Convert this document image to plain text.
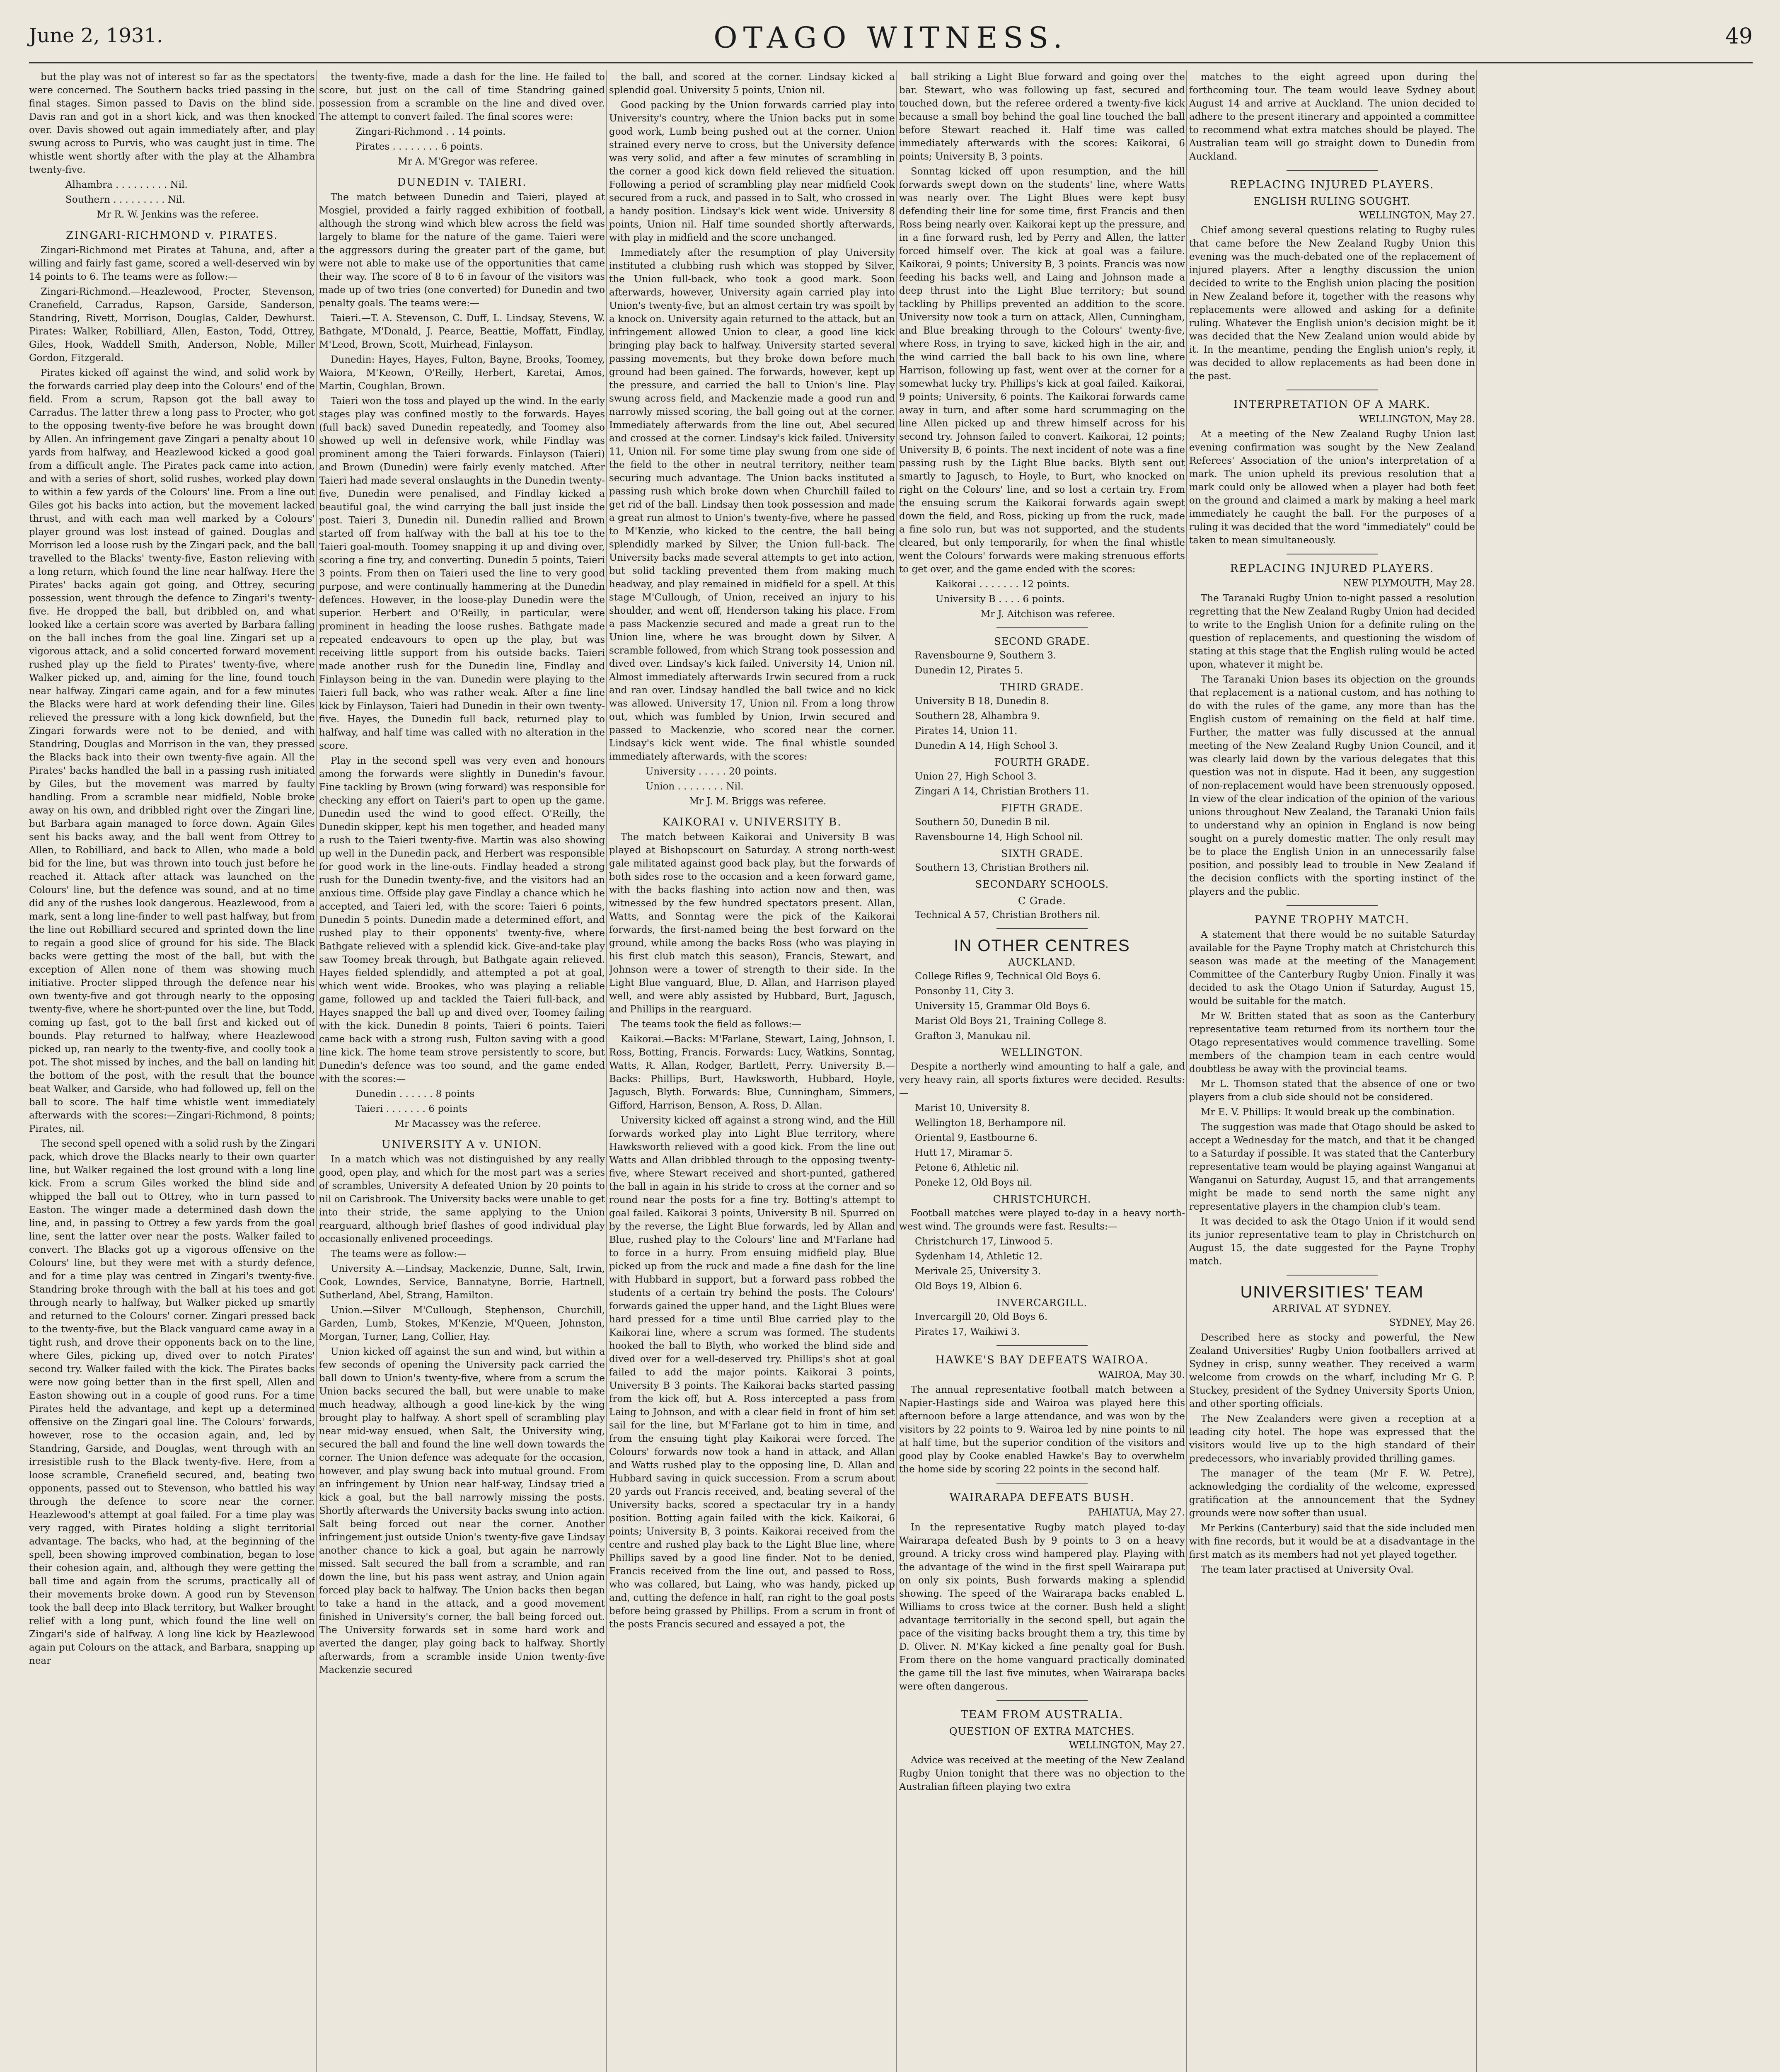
June 2, 1931.	OTAGO WITNESS.	49

but the play was not of interest so far as the spectators were concerned. The Southern backs tried passing in the final stages. Simon passed to Davis on the blind side. Davis ran and got in a short kick, and was then knocked over. Davis showed out again immediately after, and play swung across to Purvis, who was caught just in time. The whistle went shortly after with the play at the Alhambra twenty-five.

Alhambra . . . . . . . . . Nil.

Southern . . . . . . . . . Nil.

Mr R. W. Jenkins was the referee.

ZINGARI-RICHMOND v. PIRATES.

Zingari-Richmond met Pirates at Tahuna, and, after a willing and fairly fast game, scored a well-deserved win by 14 points to 6. The teams were as follow:—

Zingari-Richmond.—Heazlewood, Procter, Stevenson, Cranefield, Carradus, Rapson, Garside, Sanderson, Standring, Rivett, Morrison, Douglas, Calder, Dewhurst. Pirates: Walker, Robilliard, Allen, Easton, Todd, Ottrey, Giles, Hook, Waddell Smith, Anderson, Noble, Miller Gordon, Fitzgerald.

Pirates kicked off against the wind, and solid work by the forwards carried play deep into the Colours' end of the field. From a scrum, Rapson got the ball away to Carradus. The latter threw a long pass to Procter, who got to the opposing twenty-five before he was brought down by Allen. An infringement gave Zingari a penalty about 10 yards from halfway, and Heazlewood kicked a good goal from a difficult angle. The Pirates pack came into action, and with a series of short, solid rushes, worked play down to within a few yards of the Colours' line. From a line out Giles got his backs into action, but the movement lacked thrust, and with each man well marked by a Colours' player ground was lost instead of gained. Douglas and Morrison led a loose rush by the Zingari pack, and the ball travelled to the Blacks' twenty-five, Easton relieving with a long return, which found the line near halfway. Here the Pirates' backs again got going, and Ottrey, securing possession, went through the defence to Zingari's twenty-five. He dropped the ball, but dribbled on, and what looked like a certain score was averted by Barbara falling on the ball inches from the goal line. Zingari set up a vigorous attack, and a solid concerted forward movement rushed play up the field to Pirates' twenty-five, where Walker picked up, and, aiming for the line, found touch near halfway. Zingari came again, and for a few minutes the Blacks were hard at work defending their line. Giles relieved the pressure with a long kick downfield, but the Zingari forwards were not to be denied, and with Standring, Douglas and Morrison in the van, they pressed the Blacks back into their own twenty-five again. All the Pirates' backs handled the ball in a passing rush initiated by Giles, but the movement was marred by faulty handling. From a scramble near midfield, Noble broke away on his own, and dribbled right over the Zingari line, but Barbara again managed to force down. Again Giles sent his backs away, and the ball went from Ottrey to Allen, to Robilliard, and back to Allen, who made a bold bid for the line, but was thrown into touch just before he reached it. Attack after attack was launched on the Colours' line, but the defence was sound, and at no time did any of the rushes look dangerous. Heazlewood, from a mark, sent a long line-finder to well past halfway, but from the line out Robilliard secured and sprinted down the line to regain a good slice of ground for his side. The Black backs were getting the most of the ball, but with the exception of Allen none of them was showing much initiative. Procter slipped through the defence near his own twenty-five and got through nearly to the opposing twenty-five, where he short-punted over the line, but Todd, coming up fast, got to the ball first and kicked out of bounds. Play returned to halfway, where Heazlewood picked up, ran nearly to the twenty-five, and coolly took a pot. The shot missed by inches, and the ball on landing hit the bottom of the post, with the result that the bounce beat Walker, and Garside, who had followed up, fell on the ball to score. The half time whistle went immediately afterwards with the scores:—Zingari-Richmond, 8 points; Pirates, nil.

The second spell opened with a solid rush by the Zingari pack, which drove the Blacks nearly to their own quarter line, but Walker regained the lost ground with a long line kick. From a scrum Giles worked the blind side and whipped the ball out to Ottrey, who in turn passed to Easton. The winger made a determined dash down the line, and, in passing to Ottrey a few yards from the goal line, sent the latter over near the posts. Walker failed to convert. The Blacks got up a vigorous offensive on the Colours' line, but they were met with a sturdy defence, and for a time play was centred in Zingari's twenty-five. Standring broke through with the ball at his toes and got through nearly to halfway, but Walker picked up smartly and returned to the Colours' corner. Zingari pressed back to the twenty-five, but the Black vanguard came away in a tight rush, and drove their opponents back on to the line, where Giles, picking up, dived over to notch Pirates' second try. Walker failed with the kick. The Pirates backs were now going better than in the first spell, Allen and Easton showing out in a couple of good runs. For a time Pirates held the advantage, and kept up a determined offensive on the Zingari goal line. The Colours' forwards, however, rose to the occasion again, and, led by Standring, Garside, and Douglas, went through with an irresistible rush to the Black twenty-five. Here, from a loose scramble, Cranefield secured, and, beating two opponents, passed out to Stevenson, who battled his way through the defence to score near the corner. Heazlewood's attempt at goal failed. For a time play was very ragged, with Pirates holding a slight territorial advantage. The backs, who had, at the beginning of the spell, been showing improved combination, began to lose their cohesion again, and, although they were getting the ball time and again from the scrums, practically all of their movements broke down. A good run by Stevenson took the ball deep into Black territory, but Walker brought relief with a long punt, which found the line well on Zingari's side of halfway. A long line kick by Heazlewood again put Colours on the attack, and Barbara, snapping up near

the twenty-five, made a dash for the line. He failed to score, but just on the call of time Standring gained possession from a scramble on the line and dived over. The attempt to convert failed. The final scores were:

Zingari-Richmond . . 14 points.

Pirates . . . . . . . . 6 points.

Mr A. M'Gregor was referee.

DUNEDIN v. TAIERI.

The match between Dunedin and Taieri, played at Mosgiel, provided a fairly ragged exhibition of football, although the strong wind which blew across the field was largely to blame for the nature of the game. Taieri were the aggressors during the greater part of the game, but were not able to make use of the opportunities that came their way. The score of 8 to 6 in favour of the visitors was made up of two tries (one converted) for Dunedin and two penalty goals. The teams were:—

Taieri.—T. A. Stevenson, C. Duff, L. Lindsay, Stevens, W. Bathgate, M'Donald, J. Pearce, Beattie, Moffatt, Findlay, M'Leod, Brown, Scott, Muirhead, Finlayson.

Dunedin: Hayes, Hayes, Fulton, Bayne, Brooks, Toomey, Waiora, M'Keown, O'Reilly, Herbert, Karetai, Amos, Martin, Coughlan, Brown.

Taieri won the toss and played up the wind. In the early stages play was confined mostly to the forwards. Hayes (full back) saved Dunedin repeatedly, and Toomey also showed up well in defensive work, while Findlay was prominent among the Taieri forwards. Finlayson (Taieri) and Brown (Dunedin) were fairly evenly matched. After Taieri had made several onslaughts in the Dunedin twenty-five, Dunedin were penalised, and Findlay kicked a beautiful goal, the wind carrying the ball just inside the post. Taieri 3, Dunedin nil. Dunedin rallied and Brown started off from halfway with the ball at his toe to the Taieri goal-mouth. Toomey snapping it up and diving over, scoring a fine try, and converting. Dunedin 5 points, Taieri 3 points. From then on Taieri used the line to very good purpose, and were continually hammering at the Dunedin defences. However, in the loose-play Dunedin were the superior. Herbert and O'Reilly, in particular, were prominent in heading the loose rushes. Bathgate made repeated endeavours to open up the play, but was receiving little support from his outside backs. Taieri made another rush for the Dunedin line, Findlay and Finlayson being in the van. Dunedin were playing to the Taieri full back, who was rather weak. After a fine line kick by Finlayson, Taieri had Dunedin in their own twenty-five. Hayes, the Dunedin full back, returned play to halfway, and half time was called with no alteration in the score.

Play in the second spell was very even and honours among the forwards were slightly in Dunedin's favour. Fine tackling by Brown (wing forward) was responsible for checking any effort on Taieri's part to open up the game. Dunedin used the wind to good effect. O'Reilly, the Dunedin skipper, kept his men together, and headed many a rush to the Taieri twenty-five. Martin was also showing up well in the Dunedin pack, and Herbert was responsible for good work in the line-outs. Findlay headed a strong rush for the Dunedin twenty-five, and the visitors had an anxious time. Offside play gave Findlay a chance which he accepted, and Taieri led, with the score: Taieri 6 points, Dunedin 5 points. Dunedin made a determined effort, and rushed play to their opponents' twenty-five, where Bathgate relieved with a splendid kick. Give-and-take play saw Toomey break through, but Bathgate again relieved. Hayes fielded splendidly, and attempted a pot at goal, which went wide. Brookes, who was playing a reliable game, followed up and tackled the Taieri full-back, and Hayes snapped the ball up and dived over, Toomey failing with the kick. Dunedin 8 points, Taieri 6 points. Taieri came back with a strong rush, Fulton saving with a good line kick. The home team strove persistently to score, but Dunedin's defence was too sound, and the game ended with the scores:—

Dunedin . . . . . . 8 points

Taieri . . . . . . . 6 points

Mr Macassey was the referee.

UNIVERSITY A v. UNION.

In a match which was not distinguished by any really good, open play, and which for the most part was a series of scrambles, University A defeated Union by 20 points to nil on Carisbrook. The University backs were unable to get into their stride, the same applying to the Union rearguard, although brief flashes of good individual play occasionally enlivened proceedings.

The teams were as follow:—

University A.—Lindsay, Mackenzie, Dunne, Salt, Irwin, Cook, Lowndes, Service, Bannatyne, Borrie, Hartnell, Sutherland, Abel, Strang, Hamilton.

Union.—Silver M'Cullough, Stephenson, Churchill, Garden, Lumb, Stokes, M'Kenzie, M'Queen, Johnston, Morgan, Turner, Lang, Collier, Hay.

Union kicked off against the sun and wind, but within a few seconds of opening the University pack carried the ball down to Union's twenty-five, where from a scrum the Union backs secured the ball, but were unable to make much headway, although a good line-kick by the wing brought play to halfway. A short spell of scrambling play near mid-way ensued, when Salt, the University wing, secured the ball and found the line well down towards the corner. The Union defence was adequate for the occasion, however, and play swung back into mutual ground. From an infringement by Union near half-way, Lindsay tried a kick a goal, but the ball narrowly missing the posts. Shortly afterwards the University backs swung into action. Salt being forced out near the corner. Another infringement just outside Union's twenty-five gave Lindsay another chance to kick a goal, but again he narrowly missed. Salt secured the ball from a scramble, and ran down the line, but his pass went astray, and Union again forced play back to halfway. The Union backs then began to take a hand in the attack, and a good movement finished in University's corner, the ball being forced out. The University forwards set in some hard work and averted the danger, play going back to halfway. Shortly afterwards, from a scramble inside Union twenty-five Mackenzie secured

the ball, and scored at the corner. Lindsay kicked a splendid goal. University 5 points, Union nil.

Good packing by the Union forwards carried play into University's country, where the Union backs put in some good work, Lumb being pushed out at the corner. Union strained every nerve to cross, but the University defence was very solid, and after a few minutes of scrambling in the corner a good kick down field relieved the situation. Following a period of scrambling play near midfield Cook secured from a ruck, and passed in to Salt, who crossed in a handy position. Lindsay's kick went wide. University 8 points, Union nil. Half time sounded shortly afterwards, with play in midfield and the score unchanged.

Immediately after the resumption of play University instituted a clubbing rush which was stopped by Silver, the Union full-back, who took a good mark. Soon afterwards, however, University again carried play into Union's twenty-five, but an almost certain try was spoilt by a knock on. University again returned to the attack, but an infringement allowed Union to clear, a good line kick bringing play back to halfway. University started several passing movements, but they broke down before much ground had been gained. The forwards, however, kept up the pressure, and carried the ball to Union's line. Play swung across field, and Mackenzie made a good run and narrowly missed scoring, the ball going out at the corner. Immediately afterwards from the line out, Abel secured and crossed at the corner. Lindsay's kick failed. University 11, Union nil. For some time play swung from one side of the field to the other in neutral territory, neither team securing much advantage. The Union backs instituted a passing rush which broke down when Churchill failed to get rid of the ball. Lindsay then took possession and made a great run almost to Union's twenty-five, where he passed to M'Kenzie, who kicked to the centre, the ball being splendidly marked by Silver, the Union full-back. The University backs made several attempts to get into action, but solid tackling prevented them from making much headway, and play remained in midfield for a spell. At this stage M'Cullough, of Union, received an injury to his shoulder, and went off, Henderson taking his place. From a pass Mackenzie secured and made a great run to the Union line, where he was brought down by Silver. A scramble followed, from which Strang took possession and dived over. Lindsay's kick failed. University 14, Union nil. Almost immediately afterwards Irwin secured from a ruck and ran over. Lindsay handled the ball twice and no kick was allowed. University 17, Union nil. From a long throw out, which was fumbled by Union, Irwin secured and passed to Mackenzie, who scored near the corner. Lindsay's kick went wide. The final whistle sounded immediately afterwards, with the scores:

University . . . . . 20 points.

Union . . . . . . . . Nil.

Mr J. M. Briggs was referee.

KAIKORAI v. UNIVERSITY B.

The match between Kaikorai and University B was played at Bishopscourt on Saturday. A strong north-west gale militated against good back play, but the forwards of both sides rose to the occasion and a keen forward game, with the backs flashing into action now and then, was witnessed by the few hundred spectators present. Allan, Watts, and Sonntag were the pick of the Kaikorai forwards, the first-named being the best forward on the ground, while among the backs Ross (who was playing in his first club match this season), Francis, Stewart, and Johnson were a tower of strength to their side. In the Light Blue vanguard, Blue, D. Allan, and Harrison played well, and were ably assisted by Hubbard, Burt, Jagusch, and Phillips in the rearguard.

The teams took the field as follows:—

Kaikorai.—Backs: M'Farlane, Stewart, Laing, Johnson, I. Ross, Botting, Francis. Forwards: Lucy, Watkins, Sonntag, Watts, R. Allan, Rodger, Bartlett, Perry. University B.—Backs: Phillips, Burt, Hawksworth, Hubbard, Hoyle, Jagusch, Blyth. Forwards: Blue, Cunningham, Simmers, Gifford, Harrison, Benson, A. Ross, D. Allan.

University kicked off against a strong wind, and the Hill forwards worked play into Light Blue territory, where Hawksworth relieved with a good kick. From the line out Watts and Allan dribbled through to the opposing twenty-five, where Stewart received and short-punted, gathered the ball in again in his stride to cross at the corner and so round near the posts for a fine try. Botting's attempt to goal failed. Kaikorai 3 points, University B nil. Spurred on by the reverse, the Light Blue forwards, led by Allan and Blue, rushed play to the Colours' line and M'Farlane had to force in a hurry. From ensuing midfield play, Blue picked up from the ruck and made a fine dash for the line with Hubbard in support, but a forward pass robbed the students of a certain try behind the posts. The Colours' forwards gained the upper hand, and the Light Blues were hard pressed for a time until Blue carried play to the Kaikorai line, where a scrum was formed. The students hooked the ball to Blyth, who worked the blind side and dived over for a well-deserved try. Phillips's shot at goal failed to add the major points. Kaikorai 3 points, University B 3 points. The Kaikorai backs started passing from the kick off, but A. Ross intercepted a pass from Laing to Johnson, and with a clear field in front of him set sail for the line, but M'Farlane got to him in time, and from the ensuing tight play Kaikorai were forced. The Colours' forwards now took a hand in attack, and Allan and Watts rushed play to the opposing line, D. Allan and Hubbard saving in quick succession. From a scrum about 20 yards out Francis received, and, beating several of the University backs, scored a spectacular try in a handy position. Botting again failed with the kick. Kaikorai, 6 points; University B, 3 points. Kaikorai received from the centre and rushed play back to the Light Blue line, where Phillips saved by a good line finder. Not to be denied, Francis received from the line out, and passed to Ross, who was collared, but Laing, who was handy, picked up and, cutting the defence in half, ran right to the goal posts before being grassed by Phillips. From a scrum in front of the posts Francis secured and essayed a pot, the

ball striking a Light Blue forward and going over the bar. Stewart, who was following up fast, secured and touched down, but the referee ordered a twenty-five kick because a small boy behind the goal line touched the ball before Stewart reached it. Half time was called immediately afterwards with the scores: Kaikorai, 6 points; University B, 3 points.

Sonntag kicked off upon resumption, and the hill forwards swept down on the students' line, where Watts was nearly over. The Light Blues were kept busy defending their line for some time, first Francis and then Ross being nearly over. Kaikorai kept up the pressure, and in a fine forward rush, led by Perry and Allen, the latter forced himself over. The kick at goal was a failure. Kaikorai, 9 points; University B, 3 points. Francis was now feeding his backs well, and Laing and Johnson made a deep thrust into the Light Blue territory; but sound tackling by Phillips prevented an addition to the score. University now took a turn on attack, Allen, Cunningham, and Blue breaking through to the Colours' twenty-five, where Ross, in trying to save, kicked high in the air, and the wind carried the ball back to his own line, where Harrison, following up fast, went over at the corner for a somewhat lucky try. Phillips's kick at goal failed. Kaikorai, 9 points; University, 6 points. The Kaikorai forwards came away in turn, and after some hard scrummaging on the line Allen picked up and threw himself across for his second try. Johnson failed to convert. Kaikorai, 12 points; University B, 6 points. The next incident of note was a fine passing rush by the Light Blue backs. Blyth sent out smartly to Jagusch, to Hoyle, to Burt, who knocked on right on the Colours' line, and so lost a certain try. From the ensuing scrum the Kaikorai forwards again swept down the field, and Ross, picking up from the ruck, made a fine solo run, but was not supported, and the students cleared, but only temporarily, for when the final whistle went the Colours' forwards were making strenuous efforts to get over, and the game ended with the scores:

Kaikorai . . . . . . . 12 points.

University B . . . . 6 points.

Mr J. Aitchison was referee.

SECOND GRADE.

Ravensbourne 9, Southern 3.

Dunedin 12, Pirates 5.

THIRD GRADE.

University B 18, Dunedin 8.

Southern 28, Alhambra 9.

Pirates 14, Union 11.

Dunedin A 14, High School 3.

FOURTH GRADE.

Union 27, High School 3.

Zingari A 14, Christian Brothers 11.

FIFTH GRADE.

Southern 50, Dunedin B nil.

Ravensbourne 14, High School nil.

SIXTH GRADE.

Southern 13, Christian Brothers nil.

SECONDARY SCHOOLS.
C Grade.

Technical A 57, Christian Brothers nil.

IN OTHER CENTRES
AUCKLAND.

College Rifles 9, Technical Old Boys 6.

Ponsonby 11, City 3.

University 15, Grammar Old Boys 6.

Marist Old Boys 21, Training College 8.

Grafton 3, Manukau nil.

WELLINGTON.

Despite a northerly wind amounting to half a gale, and very heavy rain, all sports fixtures were decided. Results:—

Marist 10, University 8.

Wellington 18, Berhampore nil.

Oriental 9, Eastbourne 6.

Hutt 17, Miramar 5.

Petone 6, Athletic nil.

Poneke 12, Old Boys nil.

CHRISTCHURCH.

Football matches were played to-day in a heavy north-west wind. The grounds were fast. Results:—

Christchurch 17, Linwood 5.

Sydenham 14, Athletic 12.

Merivale 25, University 3.

Old Boys 19, Albion 6.

INVERCARGILL.

Invercargill 20, Old Boys 6.

Pirates 17, Waikiwi 3.

HAWKE'S BAY DEFEATS WAIROA.

WAIROA, May 30.

The annual representative football match between a Napier-Hastings side and Wairoa was played here this afternoon before a large attendance, and was won by the visitors by 22 points to 9. Wairoa led by nine points to nil at half time, but the superior condition of the visitors and good play by Cooke enabled Hawke's Bay to overwhelm the home side by scoring 22 points in the second half.

WAIRARAPA DEFEATS BUSH.

PAHIATUA, May 27.

In the representative Rugby match played to-day Wairarapa defeated Bush by 9 points to 3 on a heavy ground. A tricky cross wind hampered play. Playing with the advantage of the wind in the first spell Wairarapa put on only six points, Bush forwards making a splendid showing. The speed of the Wairarapa backs enabled L. Williams to cross twice at the corner. Bush held a slight advantage territorially in the second spell, but again the pace of the visiting backs brought them a try, this time by D. Oliver. N. M'Kay kicked a fine penalty goal for Bush. From there on the home vanguard practically dominated the game till the last five minutes, when Wairarapa backs were often dangerous.

TEAM FROM AUSTRALIA.
QUESTION OF EXTRA MATCHES.

WELLINGTON, May 27.

Advice was received at the meeting of the New Zealand Rugby Union tonight that there was no objection to the Australian fifteen playing two extra

matches to the eight agreed upon during the forthcoming tour. The team would leave Sydney about August 14 and arrive at Auckland. The union decided to adhere to the present itinerary and appointed a committee to recommend what extra matches should be played. The Australian team will go straight down to Dunedin from Auckland.

REPLACING INJURED PLAYERS.
ENGLISH RULING SOUGHT.

WELLINGTON, May 27.

Chief among several questions relating to Rugby rules that came before the New Zealand Rugby Union this evening was the much-debated one of the replacement of injured players. After a lengthy discussion the union decided to write to the English union placing the position in New Zealand before it, together with the reasons why replacements were allowed and asking for a definite ruling. Whatever the English union's decision might be it was decided that the New Zealand union would abide by it. In the meantime, pending the English union's reply, it was decided to allow replacements as had been done in the past.

INTERPRETATION OF A MARK.

WELLINGTON, May 28.

At a meeting of the New Zealand Rugby Union last evening confirmation was sought by the New Zealand Referees' Association of the union's interpretation of a mark. The union upheld its previous resolution that a mark could only be allowed when a player had both feet on the ground and claimed a mark by making a heel mark immediately he caught the ball. For the purposes of a ruling it was decided that the word "immediately" could be taken to mean simultaneously.

REPLACING INJURED PLAYERS.

NEW PLYMOUTH, May 28.

The Taranaki Rugby Union to-night passed a resolution regretting that the New Zealand Rugby Union had decided to write to the English Union for a definite ruling on the question of replacements, and questioning the wisdom of stating at this stage that the English ruling would be acted upon, whatever it might be.

The Taranaki Union bases its objection on the grounds that replacement is a national custom, and has nothing to do with the rules of the game, any more than has the English custom of remaining on the field at half time. Further, the matter was fully discussed at the annual meeting of the New Zealand Rugby Union Council, and it was clearly laid down by the various delegates that this question was not in dispute. Had it been, any suggestion of non-replacement would have been strenuously opposed. In view of the clear indication of the opinion of the various unions throughout New Zealand, the Taranaki Union fails to understand why an opinion in England is now being sought on a purely domestic matter. The only result may be to place the English Union in an unnecessarily false position, and possibly lead to trouble in New Zealand if the decision conflicts with the sporting instinct of the players and the public.

PAYNE TROPHY MATCH.

A statement that there would be no suitable Saturday available for the Payne Trophy match at Christchurch this season was made at the meeting of the Management Committee of the Canterbury Rugby Union. Finally it was decided to ask the Otago Union if Saturday, August 15, would be suitable for the match.

Mr W. Britten stated that as soon as the Canterbury representative team returned from its northern tour the Otago representatives would commence travelling. Some members of the champion team in each centre would doubtless be away with the provincial teams.

Mr L. Thomson stated that the absence of one or two players from a club side should not be considered.

Mr E. V. Phillips: It would break up the combination.

The suggestion was made that Otago should be asked to accept a Wednesday for the match, and that it be changed to a Saturday if possible. It was stated that the Canterbury representative team would be playing against Wanganui at Wanganui on Saturday, August 15, and that arrangements might be made to send north the same night any representative players in the champion club's team.

It was decided to ask the Otago Union if it would send its junior representative team to play in Christchurch on August 15, the date suggested for the Payne Trophy match.

UNIVERSITIES' TEAM
ARRIVAL AT SYDNEY.

SYDNEY, May 26.

Described here as stocky and powerful, the New Zealand Universities' Rugby Union footballers arrived at Sydney in crisp, sunny weather. They received a warm welcome from crowds on the wharf, including Mr G. P. Stuckey, president of the Sydney University Sports Union, and other sporting officials.

The New Zealanders were given a reception at a leading city hotel. The hope was expressed that the visitors would live up to the high standard of their predecessors, who invariably provided thrilling games.

The manager of the team (Mr F. W. Petre), acknowledging the cordiality of the welcome, expressed gratification at the announcement that the Sydney grounds were now softer than usual.

Mr Perkins (Canterbury) said that the side included men with fine records, but it would be at a disadvantage in the first match as its members had not yet played together.

The team later practised at University Oval.
